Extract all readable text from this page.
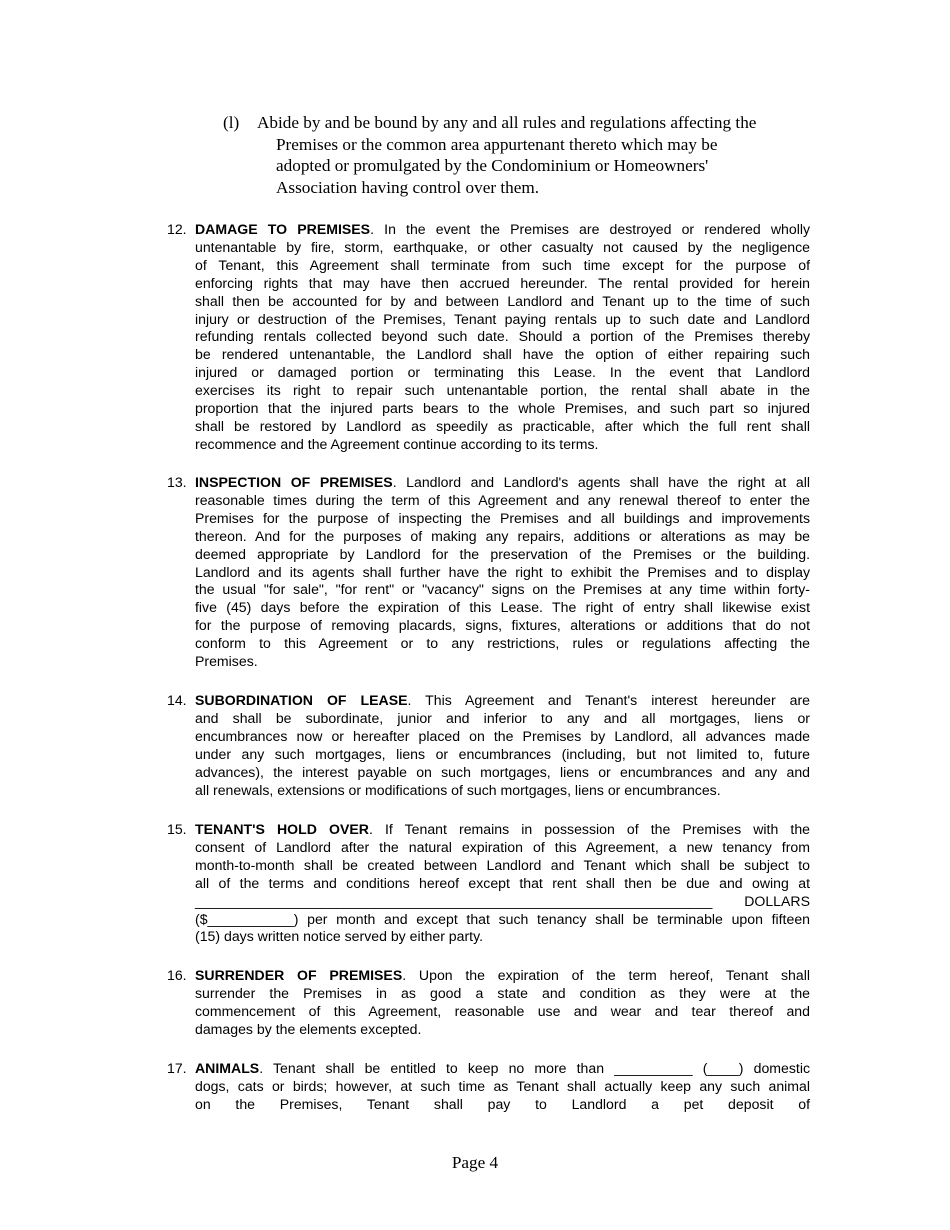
(l)	Abide by and be bound by any and all rules and regulations affecting the
Premises or the common area appurtenant thereto which may be
adopted or promulgated by the Condominium or Homeowners'
Association having control over them.
12. DAMAGE TO PREMISES. In the event the Premises are destroyed or rendered wholly
untenantable by fire, storm, earthquake, or other casualty not caused by the negligence
of Tenant, this Agreement shall terminate from such time except for the purpose of
enforcing rights that may have then accrued hereunder. The rental provided for herein
shall then be accounted for by and between Landlord and Tenant up to the time of such
injury or destruction of the Premises, Tenant paying rentals up to such date and Landlord
refunding rentals collected beyond such date. Should a portion of the Premises thereby
be rendered untenantable, the Landlord shall have the option of either repairing such
injured or damaged portion or terminating this Lease. In the event that Landlord
exercises its right to repair such untenantable portion, the rental shall abate in the
proportion that the injured parts bears to the whole Premises, and such part so injured
shall be restored by Landlord as speedily as practicable, after which the full rent shall
recommence and the Agreement continue according to its terms.
13. INSPECTION OF PREMISES. Landlord and Landlord's agents shall have the right at all
reasonable times during the term of this Agreement and any renewal thereof to enter the
Premises for the purpose of inspecting the Premises and all buildings and improvements
thereon. And for the purposes of making any repairs, additions or alterations as may be
deemed appropriate by Landlord for the preservation of the Premises or the building.
Landlord and its agents shall further have the right to exhibit the Premises and to display
the usual "for sale", "for rent" or "vacancy" signs on the Premises at any time within forty-
five (45) days before the expiration of this Lease. The right of entry shall likewise exist
for the purpose of removing placards, signs, fixtures, alterations or additions that do not
conform to this Agreement or to any restrictions, rules or regulations affecting the
Premises.
14. SUBORDINATION OF LEASE. This Agreement and Tenant's interest hereunder are
and shall be subordinate, junior and inferior to any and all mortgages, liens or
encumbrances now or hereafter placed on the Premises by Landlord, all advances made
under any such mortgages, liens or encumbrances (including, but not limited to, future
advances), the interest payable on such mortgages, liens or encumbrances and any and
all renewals, extensions or modifications of such mortgages, liens or encumbrances.
15. TENANT'S HOLD OVER. If Tenant remains in possession of the Premises with the
consent of Landlord after the natural expiration of this Agreement, a new tenancy from
month-to-month shall be created between Landlord and Tenant which shall be subject to
all of the terms and conditions hereof except that rent shall then be due and owing at
__________________________________________________________________ DOLLARS
($___________) per month and except that such tenancy shall be terminable upon fifteen
(15) days written notice served by either party.
16. SURRENDER OF PREMISES. Upon the expiration of the term hereof, Tenant shall
surrender the Premises in as good a state and condition as they were at the
commencement of this Agreement, reasonable use and wear and tear thereof and
damages by the elements excepted.
17. ANIMALS. Tenant shall be entitled to keep no more than __________ (____) domestic
dogs, cats or birds; however, at such time as Tenant shall actually keep any such animal
on the Premises, Tenant shall pay to Landlord a pet deposit of
Page 4
